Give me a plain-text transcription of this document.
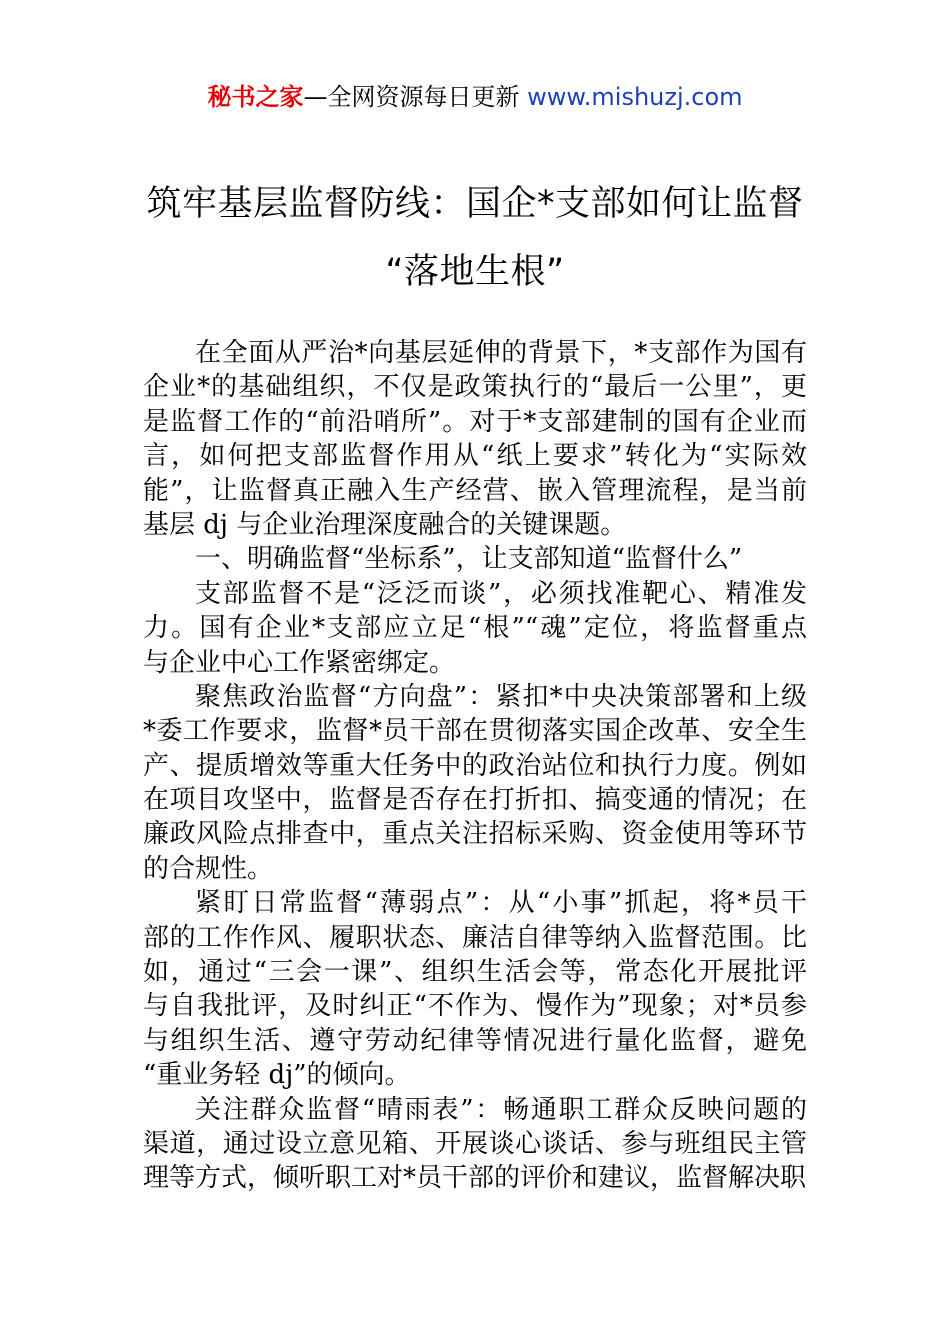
秘书之家—全网资源每日更新 www.mishuzj.com
筑牢基层监督防线：国企*支部如何让监督
“落地生根”
在全面从严治*向基层延伸的背景下，*支部作为国有
企业*的基础组织，不仅是政策执行的“最后一公里”，更
是监督工作的“前沿哨所”。对于*支部建制的国有企业而
言，如何把支部监督作用从“纸上要求”转化为“实际效
能”，让监督真正融入生产经营、嵌入管理流程，是当前
基层 dj 与企业治理深度融合的关键课题。
一、明确监督“坐标系”，让支部知道“监督什么”
支部监督不是“泛泛而谈”，必须找准靶心、精准发
力。国有企业*支部应立足“根”“魂”定位，将监督重点
与企业中心工作紧密绑定。
聚焦政治监督“方向盘”：紧扣*中央决策部署和上级
*委工作要求，监督*员干部在贯彻落实国企改革、安全生
产、提质增效等重大任务中的政治站位和执行力度。例如
在项目攻坚中，监督是否存在打折扣、搞变通的情况；在
廉政风险点排查中，重点关注招标采购、资金使用等环节
的合规性。
紧盯日常监督“薄弱点”：从“小事”抓起，将*员干
部的工作作风、履职状态、廉洁自律等纳入监督范围。比
如，通过“三会一课”、组织生活会等，常态化开展批评
与自我批评，及时纠正“不作为、慢作为”现象；对*员参
与组织生活、遵守劳动纪律等情况进行量化监督，避免
“重业务轻 dj”的倾向。
关注群众监督“晴雨表”：畅通职工群众反映问题的
渠道，通过设立意见箱、开展谈心谈话、参与班组民主管
理等方式，倾听职工对*员干部的评价和建议，监督解决职
